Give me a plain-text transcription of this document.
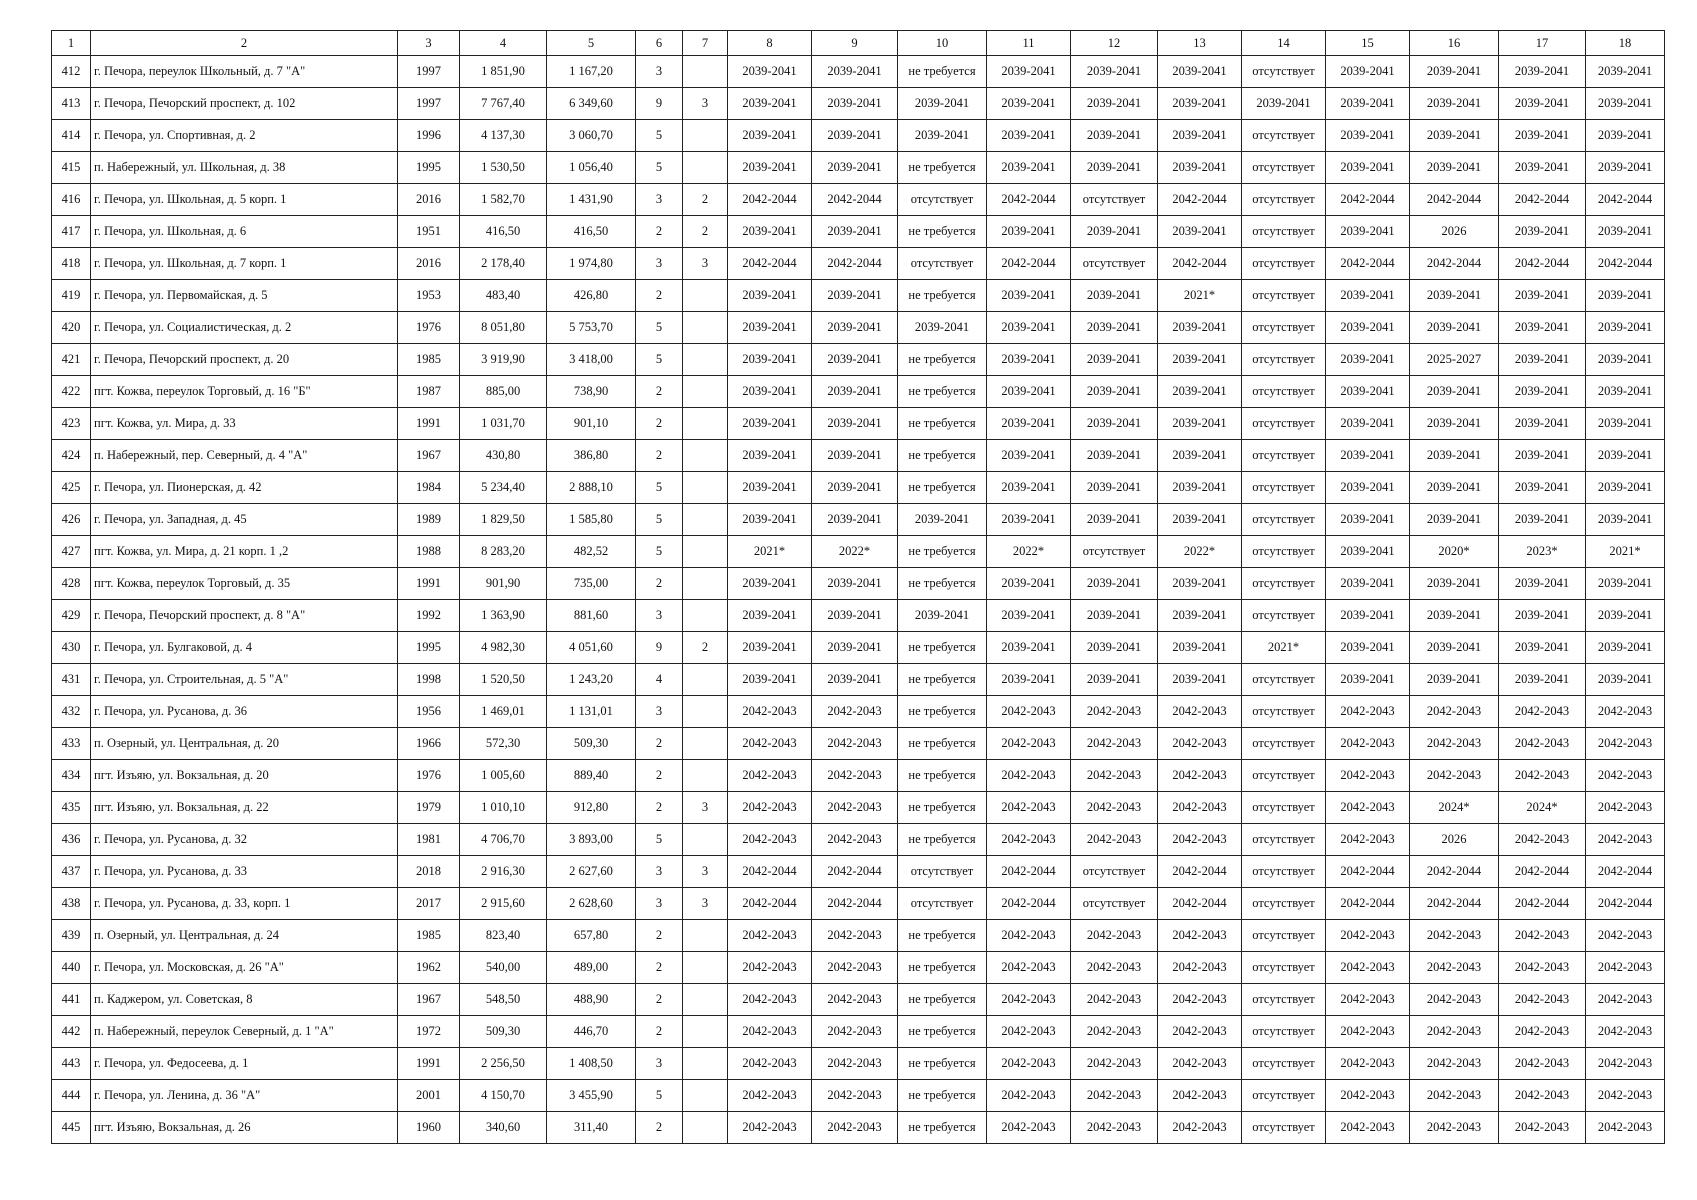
1	2	3	4	5	6	7	8	9	10	11	12	13	14	15	16	17	18
412	г. Печора, переулок Школьный, д. 7 "А"	1997	1 851,90	1 167,20	3		2039-2041	2039-2041	не требуется	2039-2041	2039-2041	2039-2041	отсутствует	2039-2041	2039-2041	2039-2041	2039-2041
413	г. Печора, Печорский проспект, д. 102	1997	7 767,40	6 349,60	9	3	2039-2041	2039-2041	2039-2041	2039-2041	2039-2041	2039-2041	2039-2041	2039-2041	2039-2041	2039-2041	2039-2041
414	г. Печора, ул. Спортивная, д. 2	1996	4 137,30	3 060,70	5		2039-2041	2039-2041	2039-2041	2039-2041	2039-2041	2039-2041	отсутствует	2039-2041	2039-2041	2039-2041	2039-2041
415	п. Набережный, ул. Школьная, д. 38	1995	1 530,50	1 056,40	5		2039-2041	2039-2041	не требуется	2039-2041	2039-2041	2039-2041	отсутствует	2039-2041	2039-2041	2039-2041	2039-2041
416	г. Печора, ул. Школьная, д. 5 корп. 1	2016	1 582,70	1 431,90	3	2	2042-2044	2042-2044	отсутствует	2042-2044	отсутствует	2042-2044	отсутствует	2042-2044	2042-2044	2042-2044	2042-2044
417	г. Печора, ул. Школьная, д. 6	1951	416,50	416,50	2	2	2039-2041	2039-2041	не требуется	2039-2041	2039-2041	2039-2041	отсутствует	2039-2041	2026	2039-2041	2039-2041
418	г. Печора, ул. Школьная, д. 7 корп. 1	2016	2 178,40	1 974,80	3	3	2042-2044	2042-2044	отсутствует	2042-2044	отсутствует	2042-2044	отсутствует	2042-2044	2042-2044	2042-2044	2042-2044
419	г. Печора, ул. Первомайская, д. 5	1953	483,40	426,80	2		2039-2041	2039-2041	не требуется	2039-2041	2039-2041	2021*	отсутствует	2039-2041	2039-2041	2039-2041	2039-2041
420	г. Печора, ул. Социалистическая, д. 2	1976	8 051,80	5 753,70	5		2039-2041	2039-2041	2039-2041	2039-2041	2039-2041	2039-2041	отсутствует	2039-2041	2039-2041	2039-2041	2039-2041
421	г. Печора, Печорский проспект, д. 20	1985	3 919,90	3 418,00	5		2039-2041	2039-2041	не требуется	2039-2041	2039-2041	2039-2041	отсутствует	2039-2041	2025-2027	2039-2041	2039-2041
422	пгт. Кожва, переулок Торговый, д. 16 "Б"	1987	885,00	738,90	2		2039-2041	2039-2041	не требуется	2039-2041	2039-2041	2039-2041	отсутствует	2039-2041	2039-2041	2039-2041	2039-2041
423	пгт. Кожва, ул. Мира, д. 33	1991	1 031,70	901,10	2		2039-2041	2039-2041	не требуется	2039-2041	2039-2041	2039-2041	отсутствует	2039-2041	2039-2041	2039-2041	2039-2041
424	п. Набережный, пер. Северный, д. 4 "А"	1967	430,80	386,80	2		2039-2041	2039-2041	не требуется	2039-2041	2039-2041	2039-2041	отсутствует	2039-2041	2039-2041	2039-2041	2039-2041
425	г. Печора, ул. Пионерская, д. 42	1984	5 234,40	2 888,10	5		2039-2041	2039-2041	не требуется	2039-2041	2039-2041	2039-2041	отсутствует	2039-2041	2039-2041	2039-2041	2039-2041
426	г. Печора, ул. Западная, д. 45	1989	1 829,50	1 585,80	5		2039-2041	2039-2041	2039-2041	2039-2041	2039-2041	2039-2041	отсутствует	2039-2041	2039-2041	2039-2041	2039-2041
427	пгт. Кожва, ул. Мира, д. 21 корп. 1 ,2	1988	8 283,20	482,52	5		2021*	2022*	не требуется	2022*	отсутствует	2022*	отсутствует	2039-2041	2020*	2023*	2021*
428	пгт. Кожва, переулок Торговый, д. 35	1991	901,90	735,00	2		2039-2041	2039-2041	не требуется	2039-2041	2039-2041	2039-2041	отсутствует	2039-2041	2039-2041	2039-2041	2039-2041
429	г. Печора, Печорский проспект, д. 8 "А"	1992	1 363,90	881,60	3		2039-2041	2039-2041	2039-2041	2039-2041	2039-2041	2039-2041	отсутствует	2039-2041	2039-2041	2039-2041	2039-2041
430	г. Печора, ул. Булгаковой, д. 4	1995	4 982,30	4 051,60	9	2	2039-2041	2039-2041	не требуется	2039-2041	2039-2041	2039-2041	2021*	2039-2041	2039-2041	2039-2041	2039-2041
431	г. Печора, ул. Строительная, д. 5 "А"	1998	1 520,50	1 243,20	4		2039-2041	2039-2041	не требуется	2039-2041	2039-2041	2039-2041	отсутствует	2039-2041	2039-2041	2039-2041	2039-2041
432	г. Печора, ул. Русанова, д. 36	1956	1 469,01	1 131,01	3		2042-2043	2042-2043	не требуется	2042-2043	2042-2043	2042-2043	отсутствует	2042-2043	2042-2043	2042-2043	2042-2043
433	п. Озерный, ул. Центральная, д. 20	1966	572,30	509,30	2		2042-2043	2042-2043	не требуется	2042-2043	2042-2043	2042-2043	отсутствует	2042-2043	2042-2043	2042-2043	2042-2043
434	пгт. Изъяю, ул. Вокзальная, д. 20	1976	1 005,60	889,40	2		2042-2043	2042-2043	не требуется	2042-2043	2042-2043	2042-2043	отсутствует	2042-2043	2042-2043	2042-2043	2042-2043
435	пгт. Изъяю, ул. Вокзальная, д. 22	1979	1 010,10	912,80	2	3	2042-2043	2042-2043	не требуется	2042-2043	2042-2043	2042-2043	отсутствует	2042-2043	2024*	2024*	2042-2043
436	г. Печора, ул. Русанова, д. 32	1981	4 706,70	3 893,00	5		2042-2043	2042-2043	не требуется	2042-2043	2042-2043	2042-2043	отсутствует	2042-2043	2026	2042-2043	2042-2043
437	г. Печора, ул. Русанова, д. 33	2018	2 916,30	2 627,60	3	3	2042-2044	2042-2044	отсутствует	2042-2044	отсутствует	2042-2044	отсутствует	2042-2044	2042-2044	2042-2044	2042-2044
438	г. Печора, ул. Русанова, д. 33, корп. 1	2017	2 915,60	2 628,60	3	3	2042-2044	2042-2044	отсутствует	2042-2044	отсутствует	2042-2044	отсутствует	2042-2044	2042-2044	2042-2044	2042-2044
439	п. Озерный, ул. Центральная, д. 24	1985	823,40	657,80	2		2042-2043	2042-2043	не требуется	2042-2043	2042-2043	2042-2043	отсутствует	2042-2043	2042-2043	2042-2043	2042-2043
440	г. Печора, ул. Московская, д. 26 "А"	1962	540,00	489,00	2		2042-2043	2042-2043	не требуется	2042-2043	2042-2043	2042-2043	отсутствует	2042-2043	2042-2043	2042-2043	2042-2043
441	п. Каджером, ул. Советская, 8	1967	548,50	488,90	2		2042-2043	2042-2043	не требуется	2042-2043	2042-2043	2042-2043	отсутствует	2042-2043	2042-2043	2042-2043	2042-2043
442	п. Набережный, переулок Северный, д. 1 "А"	1972	509,30	446,70	2		2042-2043	2042-2043	не требуется	2042-2043	2042-2043	2042-2043	отсутствует	2042-2043	2042-2043	2042-2043	2042-2043
443	г. Печора, ул. Федосеева, д. 1	1991	2 256,50	1 408,50	3		2042-2043	2042-2043	не требуется	2042-2043	2042-2043	2042-2043	отсутствует	2042-2043	2042-2043	2042-2043	2042-2043
444	г. Печора, ул. Ленина, д. 36 "А"	2001	4 150,70	3 455,90	5		2042-2043	2042-2043	не требуется	2042-2043	2042-2043	2042-2043	отсутствует	2042-2043	2042-2043	2042-2043	2042-2043
445	пгт. Изъяю, Вокзальная, д. 26	1960	340,60	311,40	2		2042-2043	2042-2043	не требуется	2042-2043	2042-2043	2042-2043	отсутствует	2042-2043	2042-2043	2042-2043	2042-2043
